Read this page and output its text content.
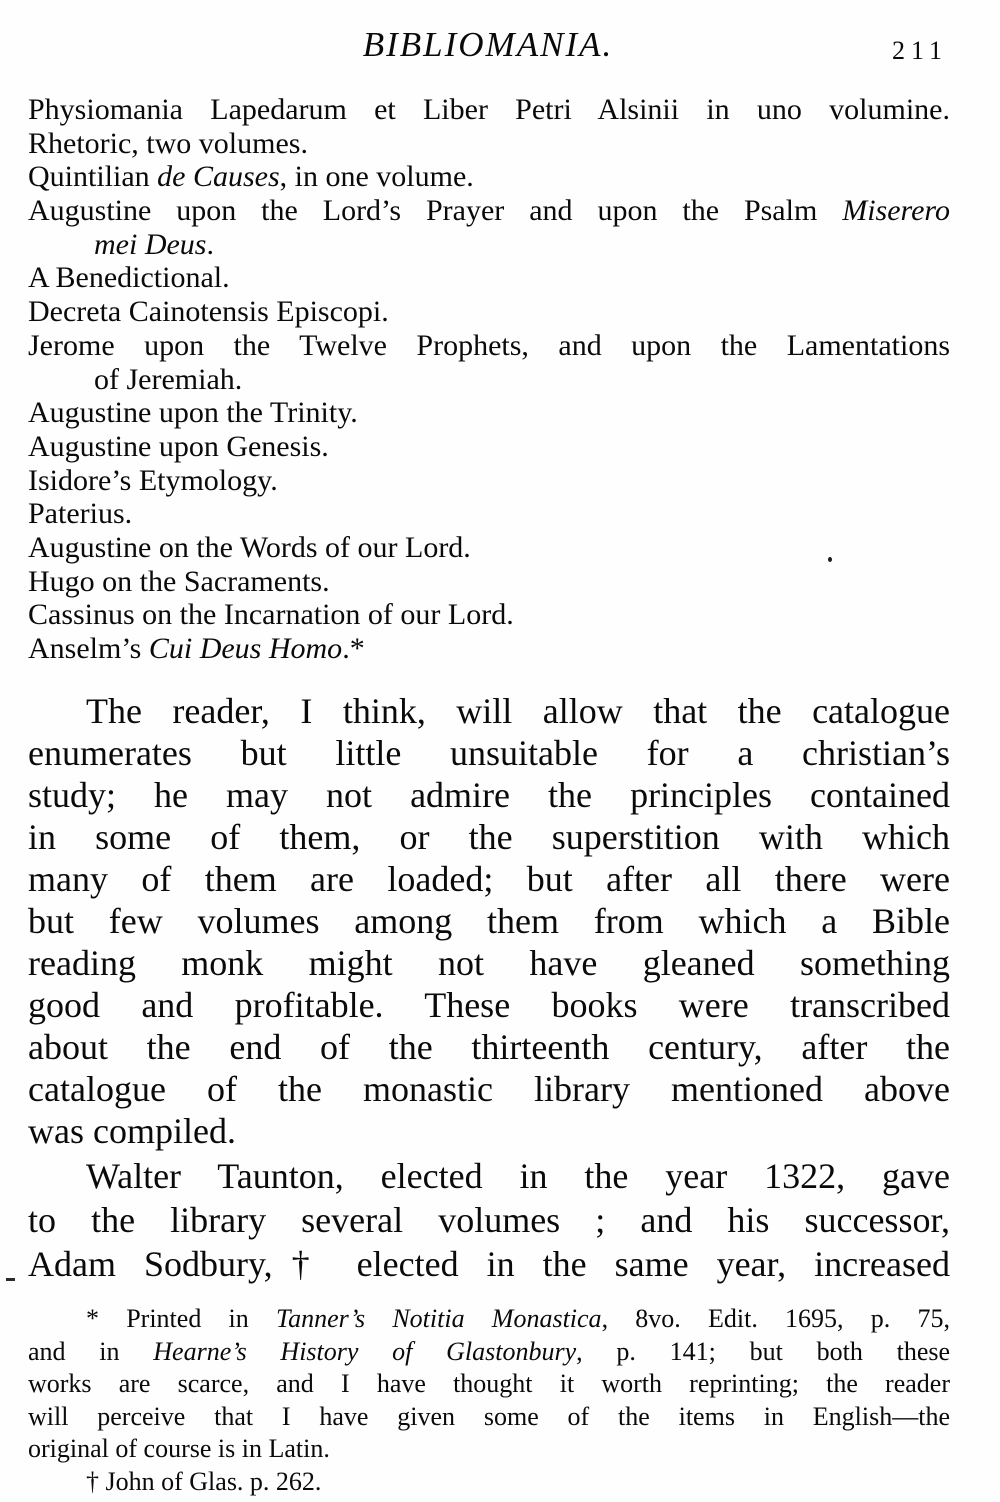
BIBLIOMANIA.	211
Physiomania Lapedarum et Liber Petri Alsinii in uno volumine.
Rhetoric, two volumes.
Quintilian de Causes, in one volume.
Augustine upon the Lord’s Prayer and upon the Psalm Miserero
mei Deus.
A Benedictional.
Decreta Cainotensis Episcopi.
Jerome upon the Twelve Prophets, and upon the Lamentations
of Jeremiah.
Augustine upon the Trinity.
Augustine upon Genesis.
Isidore’s Etymology.
Paterius.
Augustine on the Words of our Lord.
Hugo on the Sacraments.
Cassinus on the Incarnation of our Lord.
Anselm’s Cui Deus Homo.*
The reader, I think, will allow that the catalogue
enumerates but little unsuitable for a christian’s
study; he may not admire the principles contained
in some of them, or the superstition with which
many of them are loaded; but after all there were
but few volumes among them from which a Bible
reading monk might not have gleaned something
good and profitable. These books were transcribed
about the end of the thirteenth century, after the
catalogue of the monastic library mentioned above
was compiled.
Walter Taunton, elected in the year 1322, gave
to the library several volumes ; and his successor,
Adam Sodbury,† elected in the same year, increased
* Printed in Tanner’s Notitia Monastica, 8vo. Edit. 1695, p. 75,
and in Hearne’s History of Glastonbury, p. 141; but both these
works are scarce, and I have thought it worth reprinting; the reader
will perceive that I have given some of the items in English—the
original of course is in Latin.
† John of Glas. p. 262.
